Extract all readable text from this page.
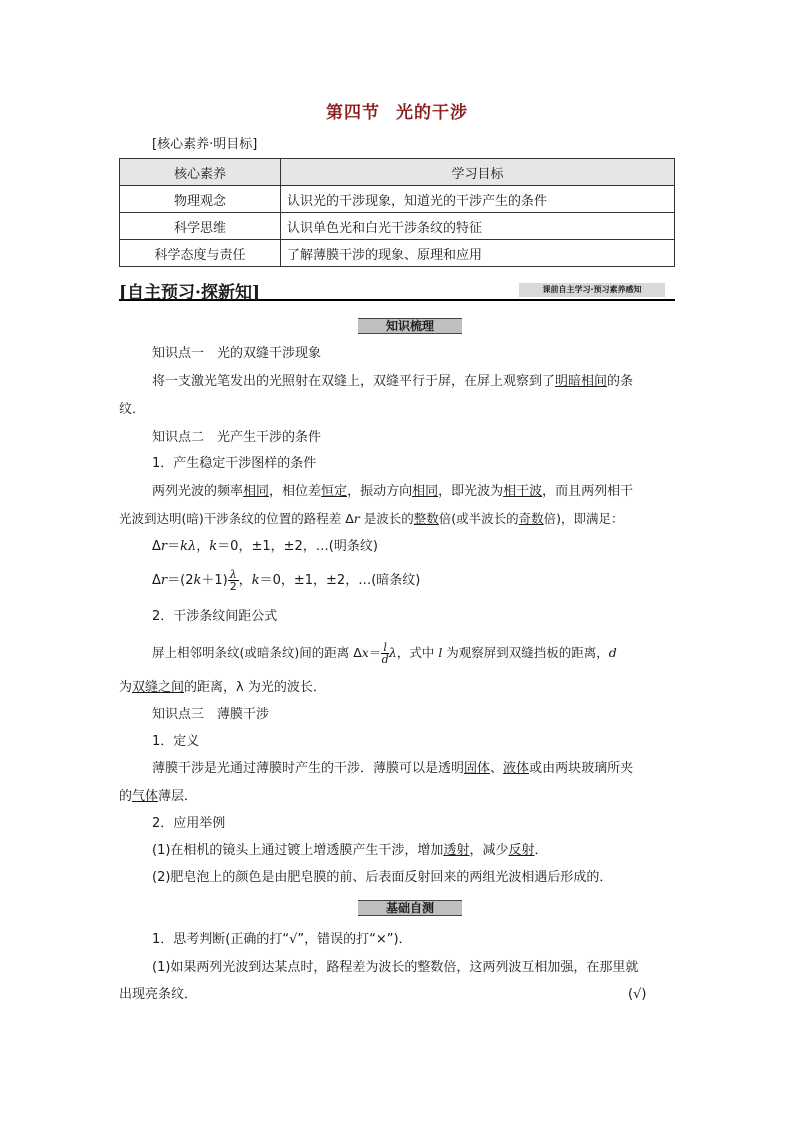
第四节 光的干涉
[核心素养·明目标]
核心素养	学习目标
物理观念	认识光的干涉现象，知道光的干涉产生的条件
科学思维	认识单色光和白光干涉条纹的特征
科学态度与责任	了解薄膜干涉的现象、原理和应用
[自主预习·探新知]	课前自主学习·预习素养感知
知识梳理
知识点一　光的双缝干涉现象
将一支激光笔发出的光照射在双缝上，双缝平行于屏，在屏上观察到了明暗相间的条
纹．
知识点二　光产生干涉的条件
1．产生稳定干涉图样的条件
两列光波的频率相同，相位差恒定，振动方向相同，即光波为相干波，而且两列相干
光波到达明(暗)干涉条纹的位置的路程差 Δr 是波长的整数倍(或半波长的奇数倍)，即满足：
Δr＝kλ，k＝0，±1，±2，…(明条纹)
$\Delta r=(2k+1) \frac{\lambda}{2}$ ，k＝0，±1，±2，…(暗条纹)
2．干涉条纹间距公式
屏上相邻明条纹(或暗条纹)间的距离 $\Delta x= \frac{l}{d}$ λ，式中 l 为观察屏到双缝挡板的距离，d
为双缝之间的距离，λ 为光的波长．
知识点三　薄膜干涉
1．定义
薄膜干涉是光通过薄膜时产生的干涉．薄膜可以是透明固体、液体或由两块玻璃所夹
的气体薄层．
2．应用举例
(1)在相机的镜头上通过镀上增透膜产生干涉，增加透射，减少反射．
(2)肥皂泡上的颜色是由肥皂膜的前、后表面反射回来的两组光波相遇后形成的．
基础自测
1．思考判断(正确的打“√”，错误的打“×”)．
(1)如果两列光波到达某点时，路程差为波长的整数倍，这两列波互相加强，在那里就
出现亮条纹．	(√)
